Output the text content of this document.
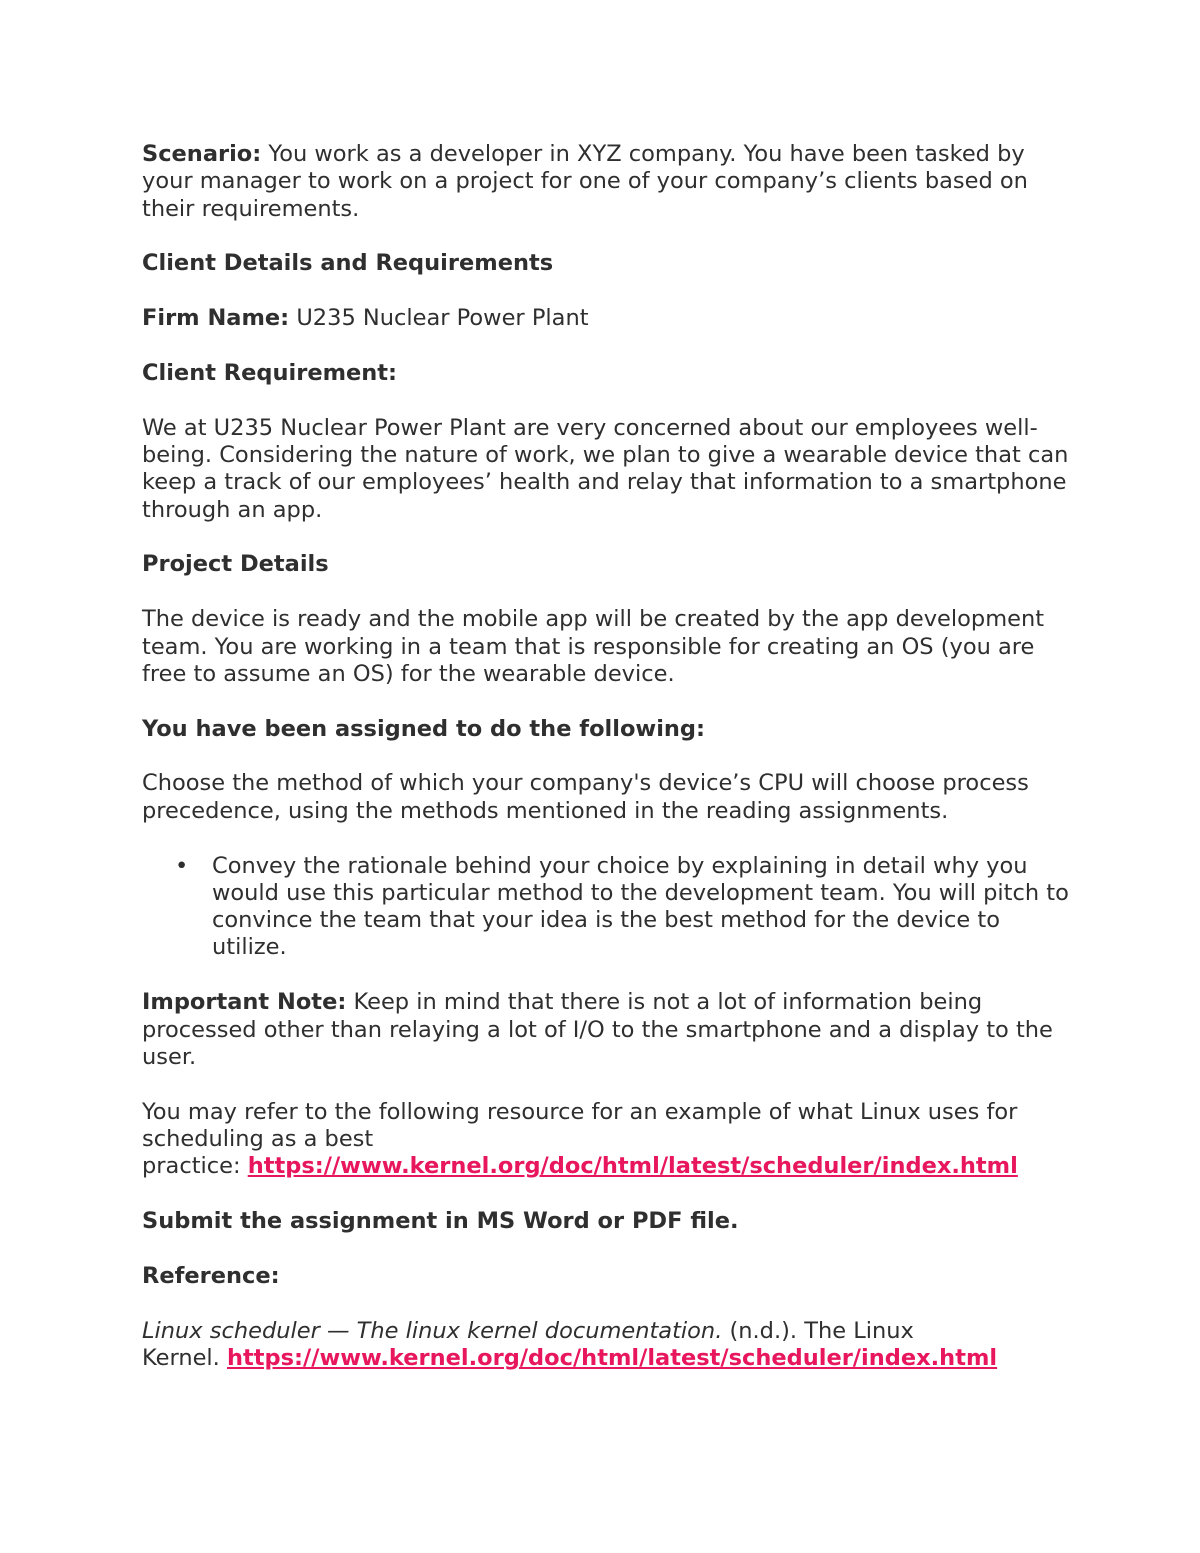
Scenario: You work as a developer in XYZ company. You have been tasked by your manager to work on a project for one of your company’s clients based on their requirements.

Client Details and Requirements

Firm Name: U235 Nuclear Power Plant

Client Requirement:

We at U235 Nuclear Power Plant are very concerned about our employees well-being. Considering the nature of work, we plan to give a wearable device that can keep a track of our employees’ health and relay that information to a smartphone through an app.

Project Details

The device is ready and the mobile app will be created by the app development team. You are working in a team that is responsible for creating an OS (you are free to assume an OS) for the wearable device.

You have been assigned to do the following:

Choose the method of which your company's device’s CPU will choose process precedence, using the methods mentioned in the reading assignments.

• Convey the rationale behind your choice by explaining in detail why you would use this particular method to the development team. You will pitch to convince the team that your idea is the best method for the device to utilize.

Important Note: Keep in mind that there is not a lot of information being processed other than relaying a lot of I/O to the smartphone and a display to the user.

You may refer to the following resource for an example of what Linux uses for scheduling as a best
practice: https://www.kernel.org/doc/html/latest/scheduler/index.html

Submit the assignment in MS Word or PDF file.

Reference:

Linux scheduler — The linux kernel documentation. (n.d.). The Linux
Kernel. https://www.kernel.org/doc/html/latest/scheduler/index.html
